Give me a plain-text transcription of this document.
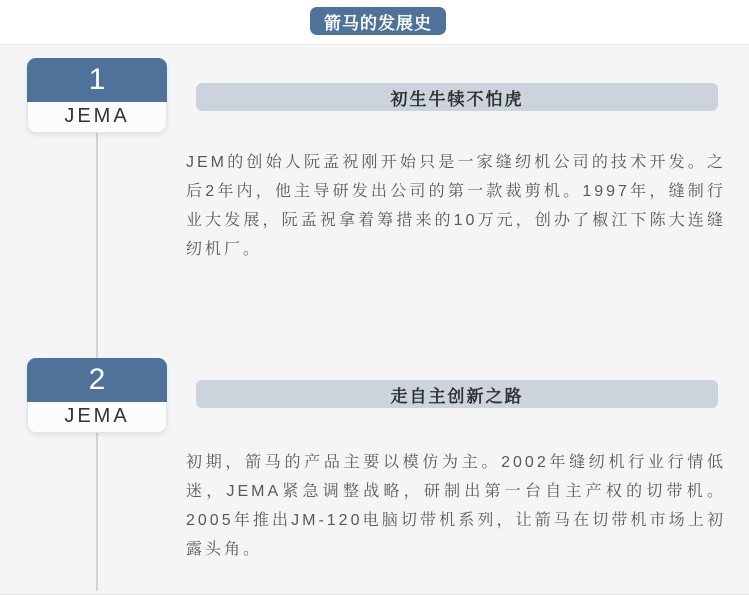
箭马的发展史
1
JEMA
初生牛犊不怕虎
JEM的创始人阮孟祝刚开始只是一家缝纫机公司的技术开发。之后2年内，他主导研发出公司的第一款裁剪机。1997年，缝制行业大发展，阮孟祝拿着筹措来的10万元，创办了椒江下陈大连缝纫机厂。
2
JEMA
走自主创新之路
初期，箭马的产品主要以模仿为主。2002年缝纫机行业行情低迷，JEMA紧急调整战略，研制出第一台自主产权的切带机。2005年推出JM-120电脑切带机系列，让箭马在切带机市场上初露头角。
